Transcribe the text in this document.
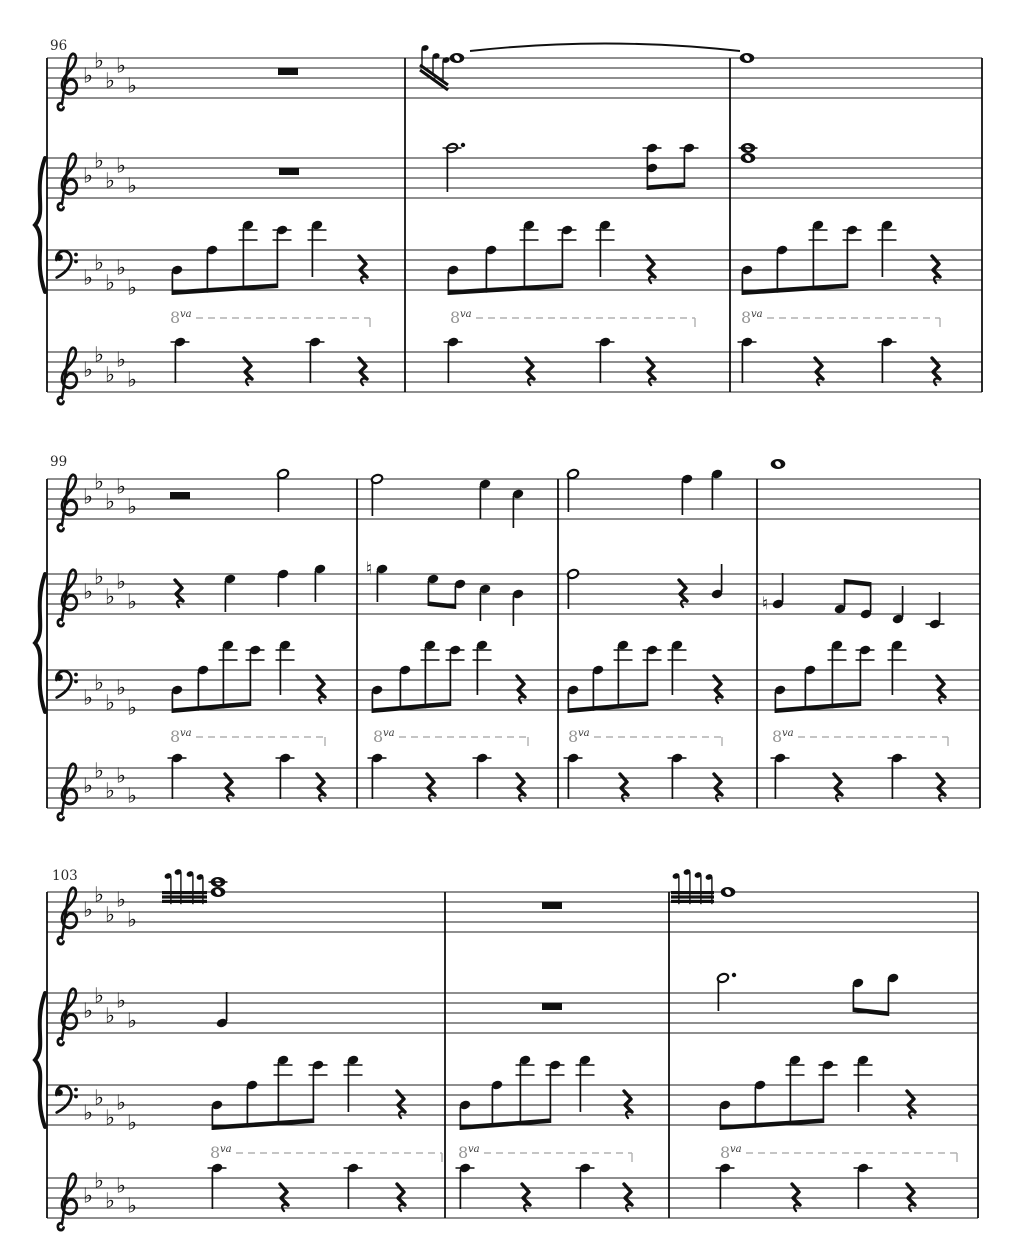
96
♭
♭
♭
♭
♭
♭
♭
♭
♭
♭
♭
♭
♭
♭
♭
♭
♭
♭
♭
♭
8 va	8 va	8 va
99
♭
♭
♭
♭
♭
♭
♭
♭
♭
♭
♭
♭
♭
♭
♭
♭
♭
♭
♭
♭
8 va	8 va	8 va	8 va
♮
♮
103
♭
♭
♭
♭
♭
♭
♭
♭
♭
♭
♭
♭
♭
♭
♭
♭
♭
♭
♭
♭
8 va	8 va	8 va
